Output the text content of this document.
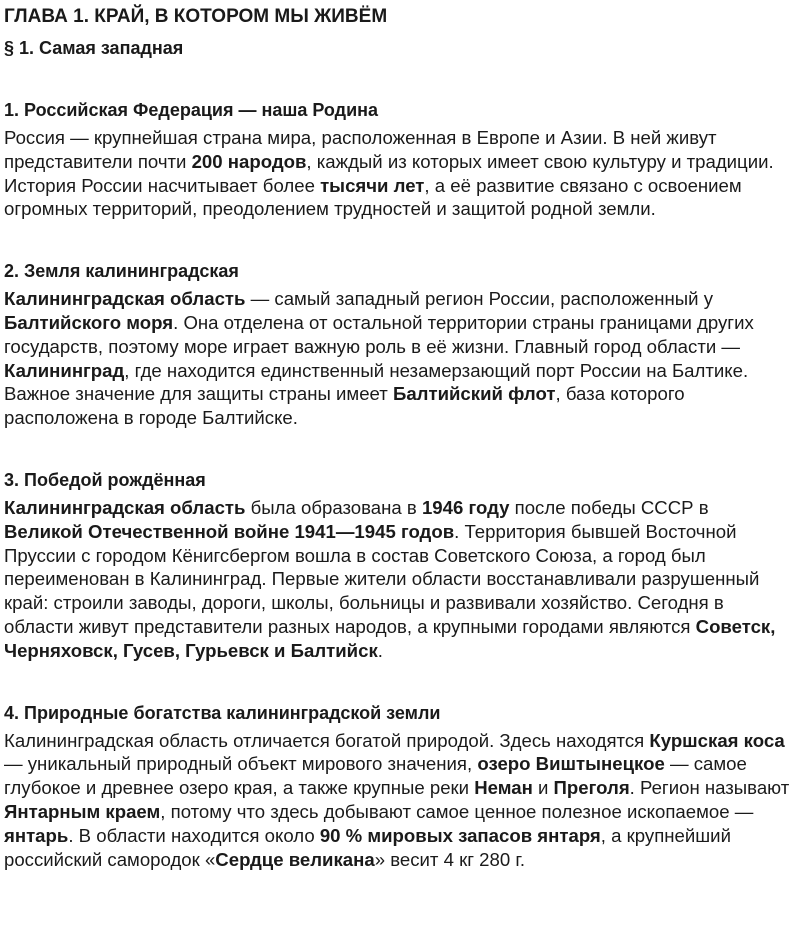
ГЛАВА 1. КРАЙ, В КОТОРОМ МЫ ЖИВЁМ
§ 1. Самая западная
1. Российская Федерация — наша Родина

Россия — крупнейшая страна мира, расположенная в Европе и Азии. В ней живут представители почти 200 народов, каждый из которых имеет свою культуру и традиции. История России насчитывает более тысячи лет, а её развитие связано с освоением огромных территорий, преодолением трудностей и защитой родной земли.

2. Земля калининградская

Калининградская область — самый западный регион России, расположенный у Балтийского моря. Она отделена от остальной территории страны границами других государств, поэтому море играет важную роль в её жизни. Главный город области — Калининград, где находится единственный незамерзающий порт России на Балтике. Важное значение для защиты страны имеет Балтийский флот, база которого расположена в городе Балтийске.

3. Победой рождённая

Калининградская область была образована в 1946 году после победы СССР в Великой Отечественной войне 1941—1945 годов. Территория бывшей Восточной Пруссии с городом Кёнигсбергом вошла в состав Советского Союза, а город был переименован в Калининград. Первые жители области восстанавливали разрушенный край: строили заводы, дороги, школы, больницы и развивали хозяйство. Сегодня в области живут представители разных народов, а крупными городами являются Советск, Черняховск, Гусев, Гурьевск и Балтийск.

4. Природные богатства калининградской земли

Калининградская область отличается богатой природой. Здесь находятся Куршская коса — уникальный природный объект мирового значения, озеро Виштынецкое — самое глубокое и древнее озеро края, а также крупные реки Неман и Преголя. Регион называют Янтарным краем, потому что здесь добывают самое ценное полезное ископаемое — янтарь. В области находится около 90 % мировых запасов янтаря, а крупнейший российский самородок «Сердце великана» весит 4 кг 280 г.
